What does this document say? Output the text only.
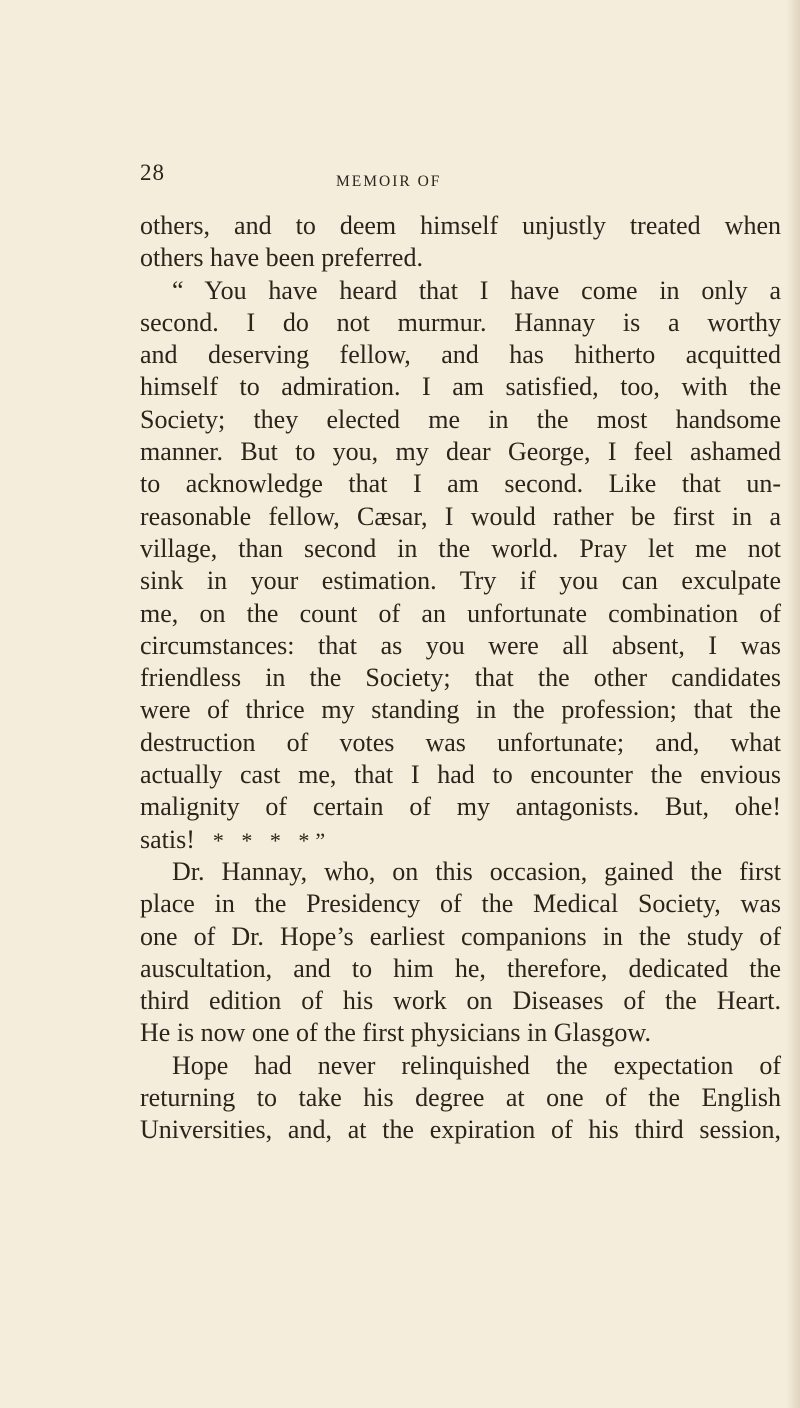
28	MEMOIR OF
others, and to deem himself unjustly treated when
others have been preferred.
“ You have heard that I have come in only a
second. I do not murmur. Hannay is a worthy
and deserving fellow, and has hitherto acquitted
himself to admiration. I am satisfied, too, with the
Society; they elected me in the most handsome
manner. But to you, my dear George, I feel ashamed
to acknowledge that I am second. Like that un-
reasonable fellow, Cæsar, I would rather be first in a
village, than second in the world. Pray let me not
sink in your estimation. Try if you can exculpate
me, on the count of an unfortunate combination of
circumstances: that as you were all absent, I was
friendless in the Society; that the other candidates
were of thrice my standing in the profession; that the
destruction of votes was unfortunate; and, what
actually cast me, that I had to encounter the envious
malignity of certain of my antagonists. But, ohe!
satis! * * * *”
Dr. Hannay, who, on this occasion, gained the first
place in the Presidency of the Medical Society, was
one of Dr. Hope’s earliest companions in the study of
auscultation, and to him he, therefore, dedicated the
third edition of his work on Diseases of the Heart.
He is now one of the first physicians in Glasgow.
Hope had never relinquished the expectation of
returning to take his degree at one of the English
Universities, and, at the expiration of his third session,
